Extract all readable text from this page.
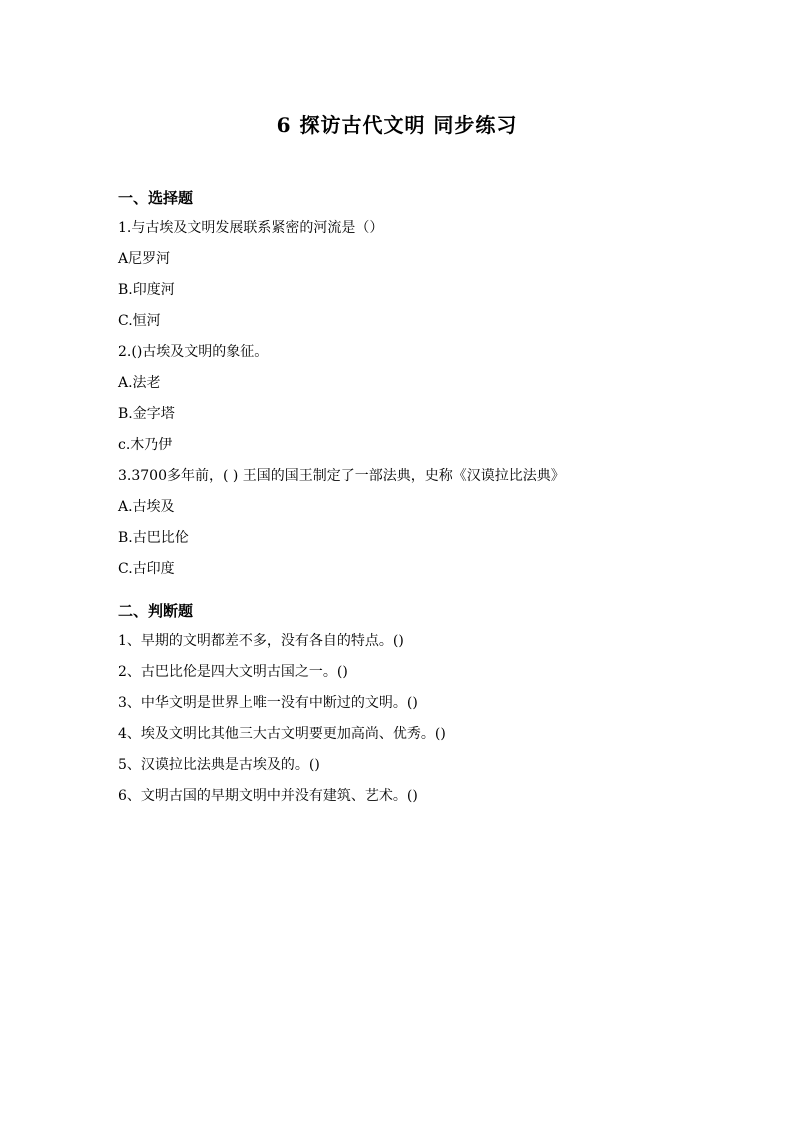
6 探访古代文明 同步练习
一、选择题
1.与古埃及文明发展联系紧密的河流是（）
A尼罗河
B.印度河
C.恒河
2.()古埃及文明的象征。
A.法老
B.金字塔
c.木乃伊
3.3700多年前，( ) 王国的国王制定了一部法典，史称《汉谟拉比法典》
A.古埃及
B.古巴比伦
C.古印度
二、判断题
1、早期的文明都差不多，没有各自的特点。()
2、古巴比伦是四大文明古国之一。()
3、中华文明是世界上唯一没有中断过的文明。()
4、埃及文明比其他三大古文明要更加高尚、优秀。()
5、汉谟拉比法典是古埃及的。()
6、文明古国的早期文明中并没有建筑、艺术。()
